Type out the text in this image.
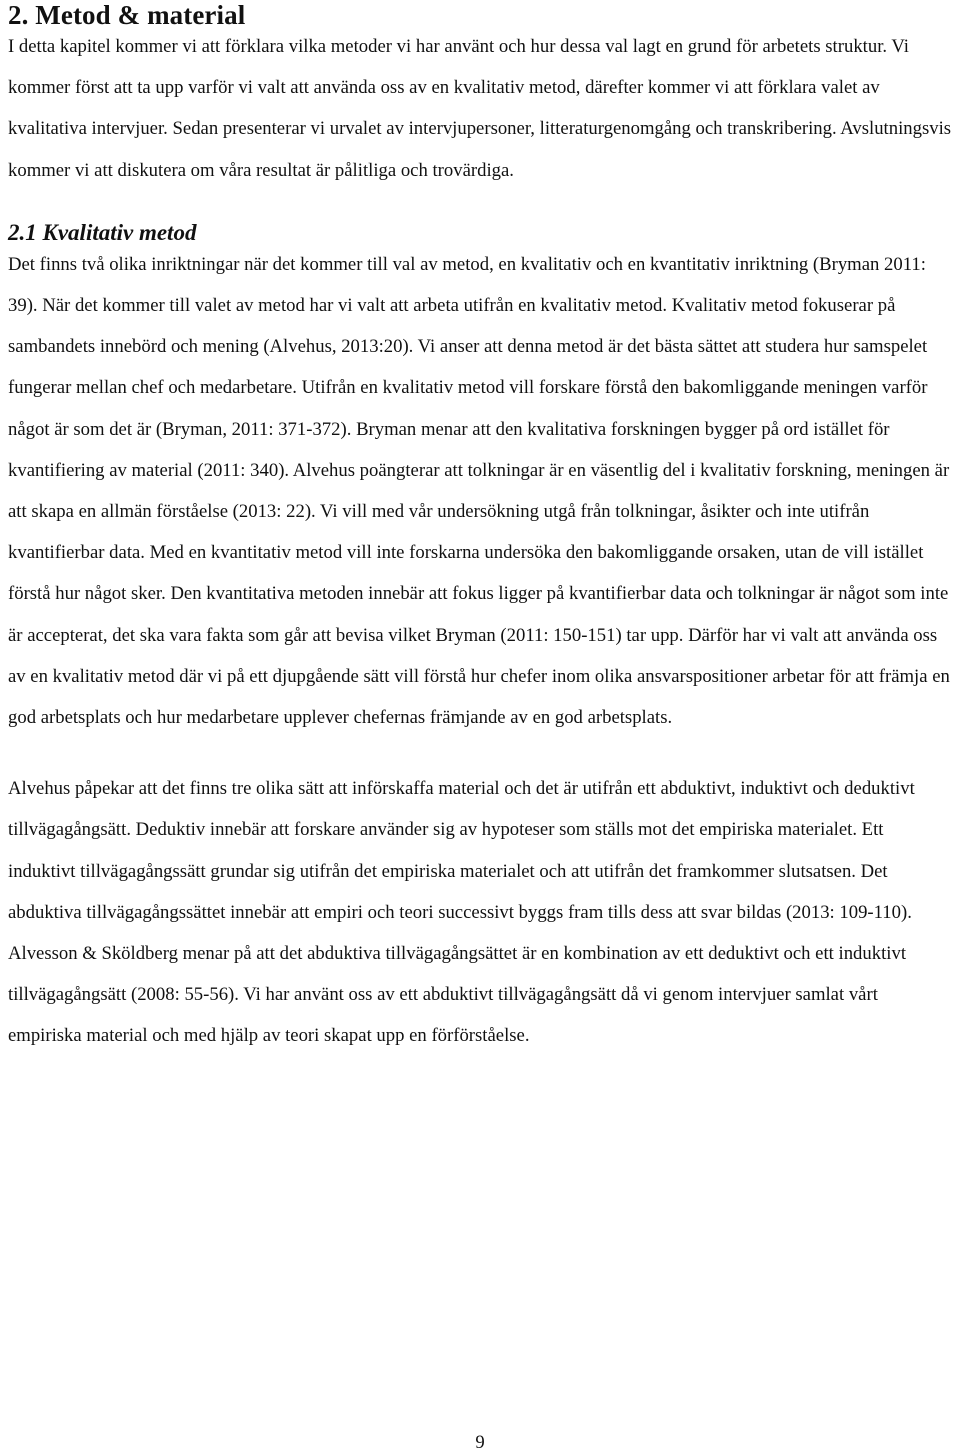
2. Metod & material

I detta kapitel kommer vi att förklara vilka metoder vi har använt och hur dessa val lagt en grund för arbetets struktur. Vi kommer först att ta upp varför vi valt att använda oss av en kvalitativ metod, därefter kommer vi att förklara valet av kvalitativa intervjuer. Sedan presenterar vi urvalet av intervjupersoner, litteraturgenomgång och transkribering. Avslutningsvis kommer vi att diskutera om våra resultat är pålitliga och trovärdiga.

2.1 Kvalitativ metod

Det finns två olika inriktningar när det kommer till val av metod, en kvalitativ och en kvantitativ inriktning (Bryman 2011: 39). När det kommer till valet av metod har vi valt att arbeta utifrån en kvalitativ metod. Kvalitativ metod fokuserar på sambandets innebörd och mening (Alvehus, 2013:20). Vi anser att denna metod är det bästa sättet att studera hur samspelet fungerar mellan chef och medarbetare. Utifrån en kvalitativ metod vill forskare förstå den bakomliggande meningen varför något är som det är (Bryman, 2011: 371-372). Bryman menar att den kvalitativa forskningen bygger på ord istället för kvantifiering av material (2011: 340). Alvehus poängterar att tolkningar är en väsentlig del i kvalitativ forskning, meningen är att skapa en allmän förståelse (2013: 22). Vi vill med vår undersökning utgå från tolkningar, åsikter och inte utifrån kvantifierbar data. Med en kvantitativ metod vill inte forskarna undersöka den bakomliggande orsaken, utan de vill istället förstå hur något sker. Den kvantitativa metoden innebär att fokus ligger på kvantifierbar data och tolkningar är något som inte är accepterat, det ska vara fakta som går att bevisa vilket Bryman (2011: 150-151) tar upp. Därför har vi valt att använda oss av en kvalitativ metod där vi på ett djupgående sätt vill förstå hur chefer inom olika ansvarspositioner arbetar för att främja en god arbetsplats och hur medarbetare upplever chefernas främjande av en god arbetsplats.

Alvehus påpekar att det finns tre olika sätt att införskaffa material och det är utifrån ett abduktivt, induktivt och deduktivt tillvägagångsätt. Deduktiv innebär att forskare använder sig av hypoteser som ställs mot det empiriska materialet. Ett induktivt tillvägagångssätt grundar sig utifrån det empiriska materialet och att utifrån det framkommer slutsatsen. Det abduktiva tillvägagångssättet innebär att empiri och teori successivt byggs fram tills dess att svar bildas (2013: 109-110). Alvesson & Sköldberg menar på att det abduktiva tillvägagångsättet är en kombination av ett deduktivt och ett induktivt tillvägagångsätt (2008: 55-56). Vi har använt oss av ett abduktivt tillvägagångsätt då vi genom intervjuer samlat vårt empiriska material och med hjälp av teori skapat upp en förförståelse.

9
